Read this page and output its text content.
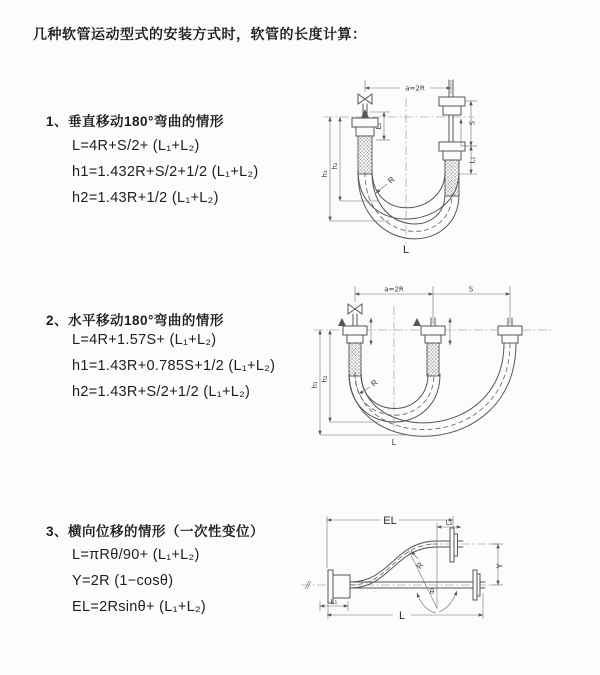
几种软管运动型式的安装方式时，软管的长度计算：
1、垂直移动180°弯曲的情形
L=4R+S/2+ (L₁+L₂)
h1=1.432R+S/2+1/2 (L₁+L₂)
h2=1.43R+1/2 (L₁+L₂)
a=2R
L₁	S
L₁
R
h₁
h₂
L
2、水平移动180°弯曲的情形
L=4R+1.57S+ (L₁+L₂)
h1=1.43R+0.785S+1/2 (L₁+L₂)
h2=1.43R+S/2+1/2 (L₁+L₂)
a=2R	S
R
h₁
h₂
L
3、横向位移的情形（一次性变位）
L=πRθ/90+ (L₁+L₂)
Y=2R (1−cosθ)
EL=2Rsinθ+ (L₁+L₂)
EL	L₂
L₁
Y
L
R
θ
